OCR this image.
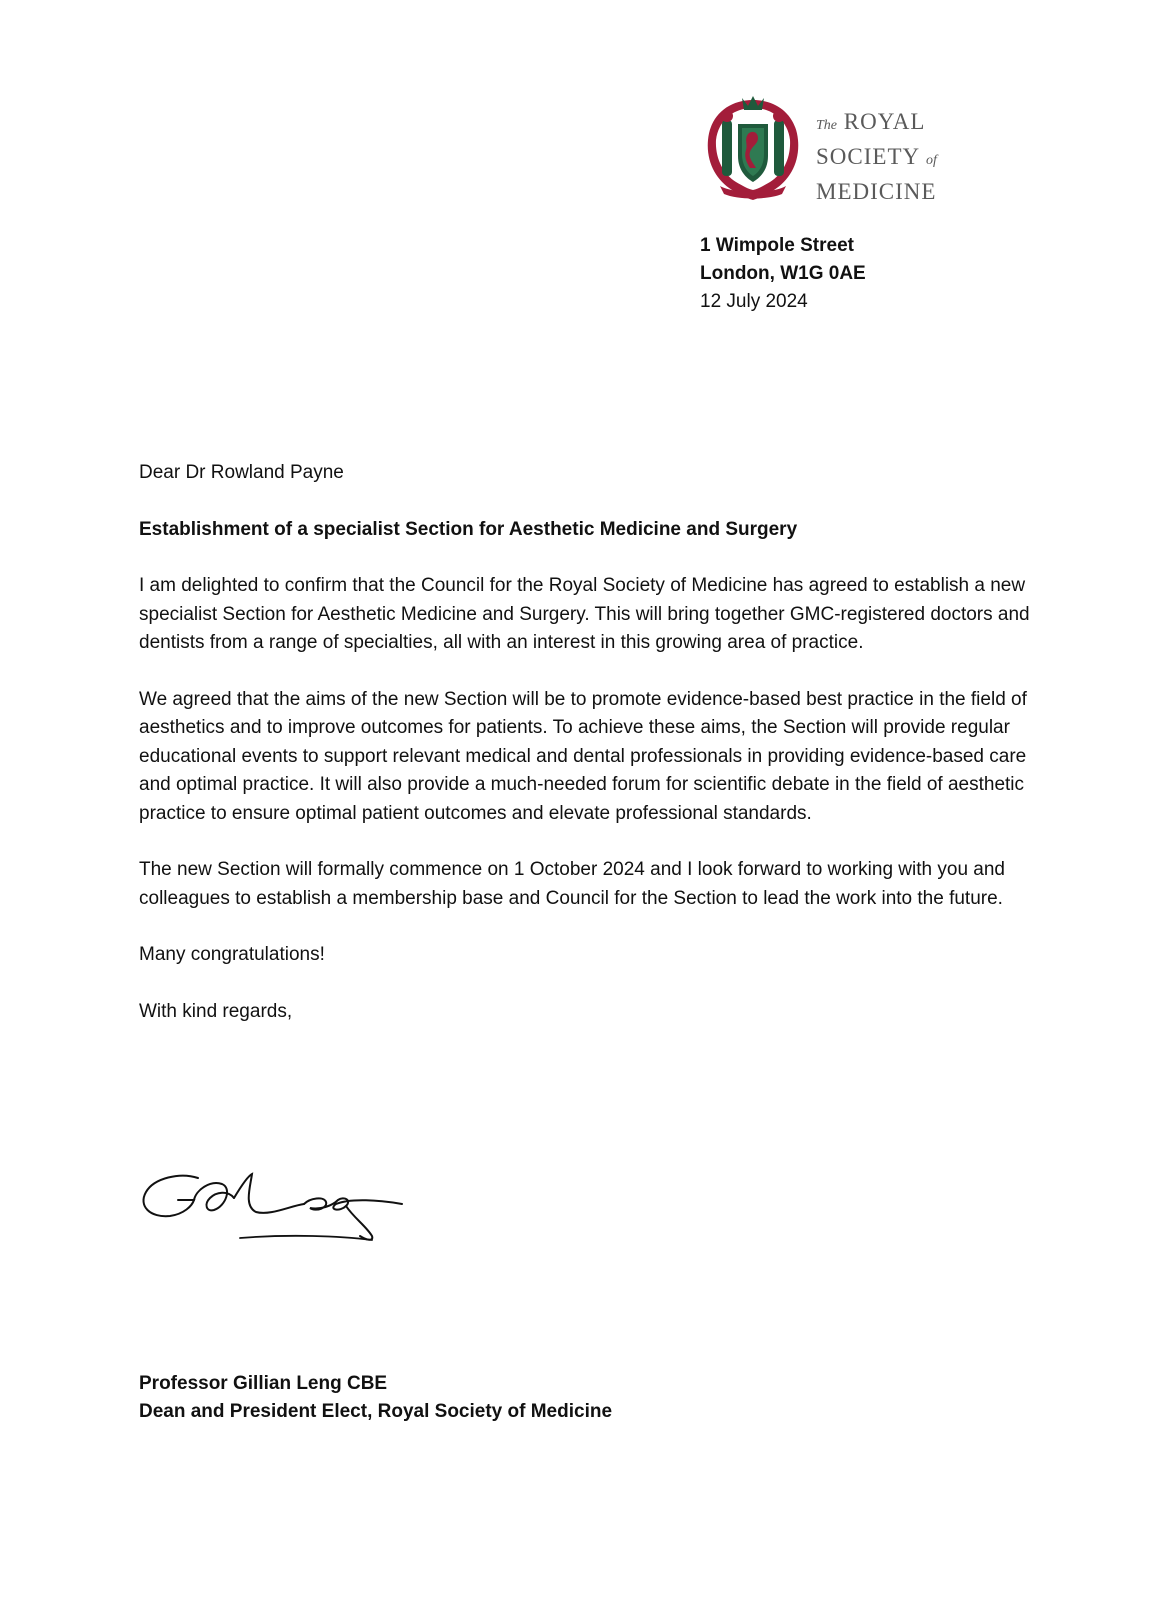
The ROYAL
SOCIETY of
MEDICINE
1 Wimpole Street
London, W1G 0AE
12 July 2024

Dear Dr Rowland Payne

Establishment of a specialist Section for Aesthetic Medicine and Surgery

I am delighted to confirm that the Council for the Royal Society of Medicine has agreed to establish a new specialist Section for Aesthetic Medicine and Surgery. This will bring together GMC-registered doctors and dentists from a range of specialties, all with an interest in this growing area of practice.

We agreed that the aims of the new Section will be to promote evidence-based best practice in the field of aesthetics and to improve outcomes for patients. To achieve these aims, the Section will provide regular educational events to support relevant medical and dental professionals in providing evidence-based care and optimal practice. It will also provide a much-needed forum for scientific debate in the field of aesthetic practice to ensure optimal patient outcomes and elevate professional standards.

The new Section will formally commence on 1 October 2024 and I look forward to working with you and colleagues to establish a membership base and Council for the Section to lead the work into the future.

Many congratulations!

With kind regards,

Professor Gillian Leng CBE
Dean and President Elect, Royal Society of Medicine
